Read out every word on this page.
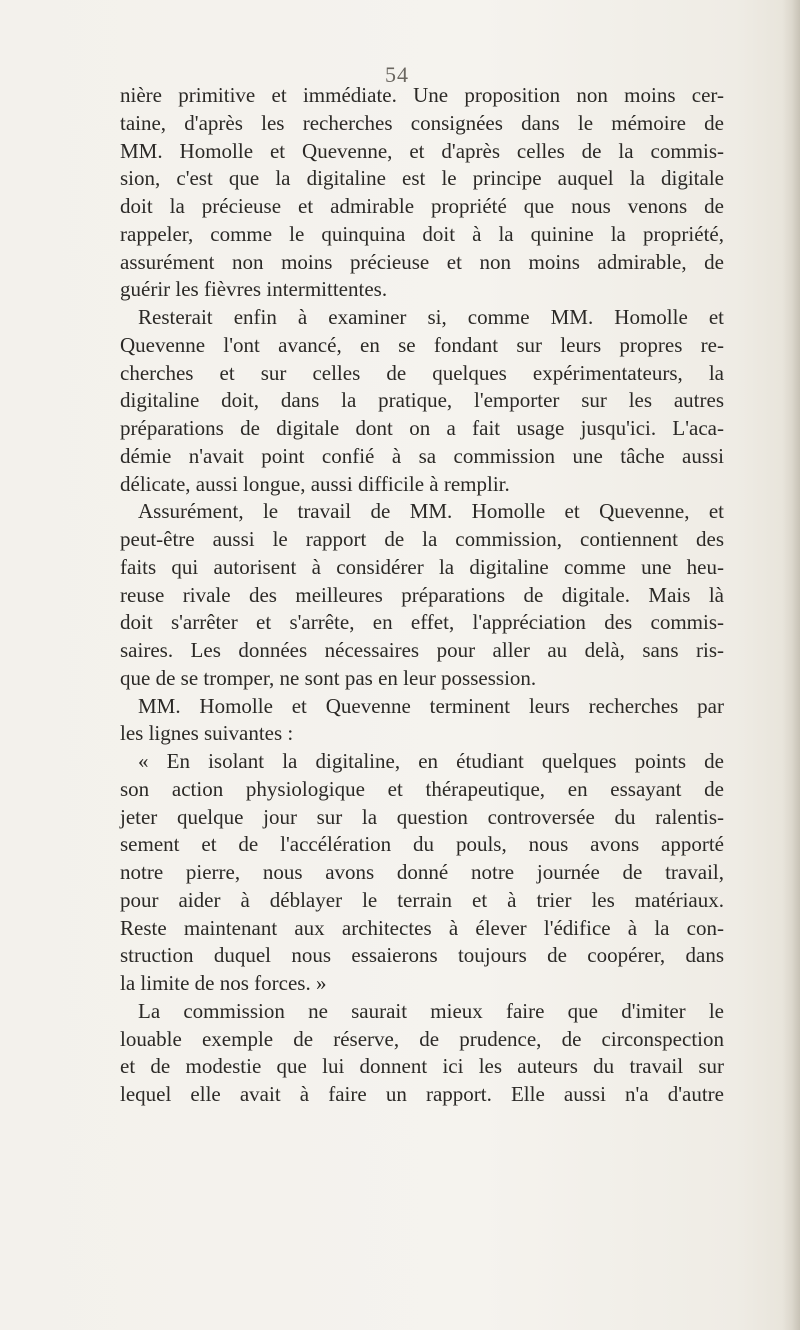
54
nière primitive et immédiate. Une proposition non moins cer-
taine, d'après les recherches consignées dans le mémoire de
MM. Homolle et Quevenne, et d'après celles de la commis-
sion, c'est que la digitaline est le principe auquel la digitale
doit la précieuse et admirable propriété que nous venons de
rappeler, comme le quinquina doit à la quinine la propriété,
assurément non moins précieuse et non moins admirable, de
guérir les fièvres intermittentes.
Resterait enfin à examiner si, comme MM. Homolle et
Quevenne l'ont avancé, en se fondant sur leurs propres re-
cherches et sur celles de quelques expérimentateurs, la
digitaline doit, dans la pratique, l'emporter sur les autres
préparations de digitale dont on a fait usage jusqu'ici. L'aca-
démie n'avait point confié à sa commission une tâche aussi
délicate, aussi longue, aussi difficile à remplir.
Assurément, le travail de MM. Homolle et Quevenne, et
peut-être aussi le rapport de la commission, contiennent des
faits qui autorisent à considérer la digitaline comme une heu-
reuse rivale des meilleures préparations de digitale. Mais là
doit s'arrêter et s'arrête, en effet, l'appréciation des commis-
saires. Les données nécessaires pour aller au delà, sans ris-
que de se tromper, ne sont pas en leur possession.
MM. Homolle et Quevenne terminent leurs recherches par
les lignes suivantes :
« En isolant la digitaline, en étudiant quelques points de
son action physiologique et thérapeutique, en essayant de
jeter quelque jour sur la question controversée du ralentis-
sement et de l'accélération du pouls, nous avons apporté
notre pierre, nous avons donné notre journée de travail,
pour aider à déblayer le terrain et à trier les matériaux.
Reste maintenant aux architectes à élever l'édifice à la con-
struction duquel nous essaierons toujours de coopérer, dans
la limite de nos forces. »
La commission ne saurait mieux faire que d'imiter le
louable exemple de réserve, de prudence, de circonspection
et de modestie que lui donnent ici les auteurs du travail sur
lequel elle avait à faire un rapport. Elle aussi n'a d'autre
